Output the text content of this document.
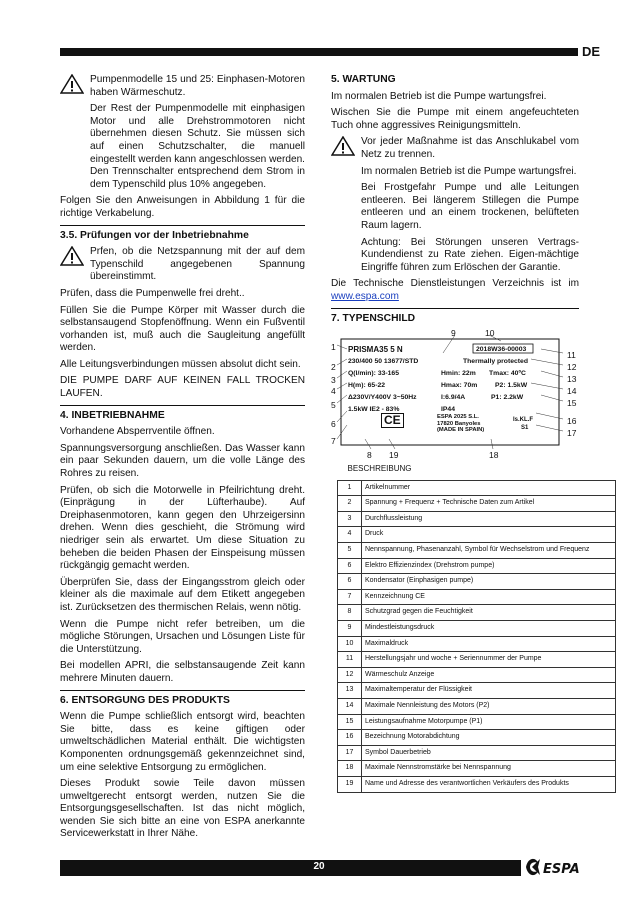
DE

Pumpenmodelle 15 und 25: Einphasen-Motoren haben Wärmeschutz.

Der Rest der Pumpenmodelle mit einphasigen Motor und alle Drehstrommotoren nicht übernehmen diesen Schutz. Sie müssen sich auf einen Schutzschalter, die manuell eingestellt werden kann angeschlossen werden. Den Trennschalter entsprechend dem Strom in dem Typenschild plus 10% angegeben.

Folgen Sie den Anweisungen in Abbildung 1 für die richtige Verkabelung.

3.5. Prüfungen vor der Inbetriebnahme

Prfen, ob die Netzspannung mit der auf dem Typenschild angegebenen Spannung übereinstimmt.

Prüfen, dass die Pumpenwelle frei dreht..

Füllen Sie die Pumpe Körper mit Wasser durch die selbstansaugend Stopfenöffnung. Wenn ein Fußventil vorhanden ist, muß auch die Saugleitung angefüllt werden.

Alle Leitungsverbindungen müssen absolut dicht sein.

DIE PUMPE DARF AUF KEINEN FALL TROCKEN LAUFEN.

4. INBETRIEBNAHME

Vorhandene Absperrventile öffnen.

Spannungsversorgung anschließen. Das Wasser kann ein paar Sekunden dauern, um die volle Länge des Rohres zu reisen.

Prüfen, ob sich die Motorwelle in Pfeilrichtung dreht. (Einprägung in der Lüfterhaube). Auf Dreiphasenmotoren, kann gegen den Uhrzeigersinn drehen. Wenn dies geschieht, die Strömung wird niedriger sein als erwartet. Um diese Situation zu beheben die beiden Phasen der Einspeisung müssen rückgängig gemacht werden.

Überprüfen Sie, dass der Eingangsstrom gleich oder kleiner als die maximale auf dem Etikett angegeben ist. Zurücksetzen des thermischen Relais, wenn nötig.

Wenn die Pumpe nicht refer betreiben, um die mögliche Störungen, Ursachen und Lösungen Liste für die Unterstützung.

Bei modellen APRI, die selbstansaugende Zeit kann mehrere Minuten dauern.

6. ENTSORGUNG DES PRODUKTS

Wenn die Pumpe schließlich entsorgt wird, beachten Sie bitte, dass es keine giftigen oder umweltschädlichen Material enthält. Die wichtigsten Komponenten ordnungsgemäß gekennzeichnet sind, um eine selektive Entsorgung zu ermöglichen.

Dieses Produkt sowie Teile davon müssen umweltgerecht entsorgt werden, nutzen Sie die Entsorgungsgesellschaften. Ist das nicht möglich, wenden Sie sich bitte an eine von ESPA anerkannte Servicewerkstatt in Ihrer Nähe.

5. WARTUNG

Im normalen Betrieb ist die Pumpe wartungsfrei.

Wischen Sie die Pumpe mit einem angefeuchteten Tuch ohne aggressives Reinigungsmitteln.

Vor jeder Maßnahme ist das Anschlukabel vom Netz zu trennen.

Im normalen Betrieb ist die Pumpe wartungsfrei.

Bei Frostgefahr Pumpe und alle Leitungen entleeren. Bei längerem Stillegen die Pumpe entleeren und an einem trockenen, belüfteten Raum lagern.

Achtung: Bei Störungen unseren Vertrags-Kundendienst zu Rate ziehen. Eigen-mächtige Eingriffe führen zum Erlöschen der Garantie.

Die Technische Dienstleistungen Verzeichnis ist im www.espa.com

7. TYPENSCHILD
PRISMA35 5 N	2018W36-00003
230/400 50 13677/STD	Thermally protected
Q(l/min): 33-165	Hmin: 22m Tmax: 40ºC
H(m): 65-22	Hmax: 70m	P2: 1.5kW
Δ230V/Y400V 3~50Hz	I:6.9/4A	P1: 2.2kW
1.5kW IE2 - 83%	IP44
CE	ESPA 2025 S.L.
17820 Banyoles
(MADE IN SPAIN)
Is.KL.F
S1
1
2
3
4
5
6
7
8
9	10
11
12
13
14
15
16
17
18
19
BESCHREIBUNG	
1	Artikelnummer
2	Spannung + Frequenz + Technische Daten zum Artikel
3	Durchflussleistung
4	Druck
5	Nennspannung, Phasenanzahl, Symbol für Wechselstrom und Frequenz
6	Elektro Effizienzindex (Drehstrom pumpe)
6	Kondensator (Einphasigen pumpe)
7	Kennzeichnung CE
8	Schutzgrad gegen die Feuchtigkeit
9	Mindestleistungsdruck
10	Maximaldruck
11	Herstellungsjahr und woche + Seriennummer der Pumpe
12	Wärmeschulz Anzeige
13	Maximaltemperatur der Flüssigkeit
14	Maximale Nennleistung des Motors (P2)
15	Leistungsaufnahme Motorpumpe (P1)
16	Bezeichnung Motorabdichtung
17	Symbol Dauerbetrieb
18	Maximale Nennstromstärke bei Nennspannung
19	Name und Adresse des verantwortlichen Verkäufers des Produkts
20	ESPA
